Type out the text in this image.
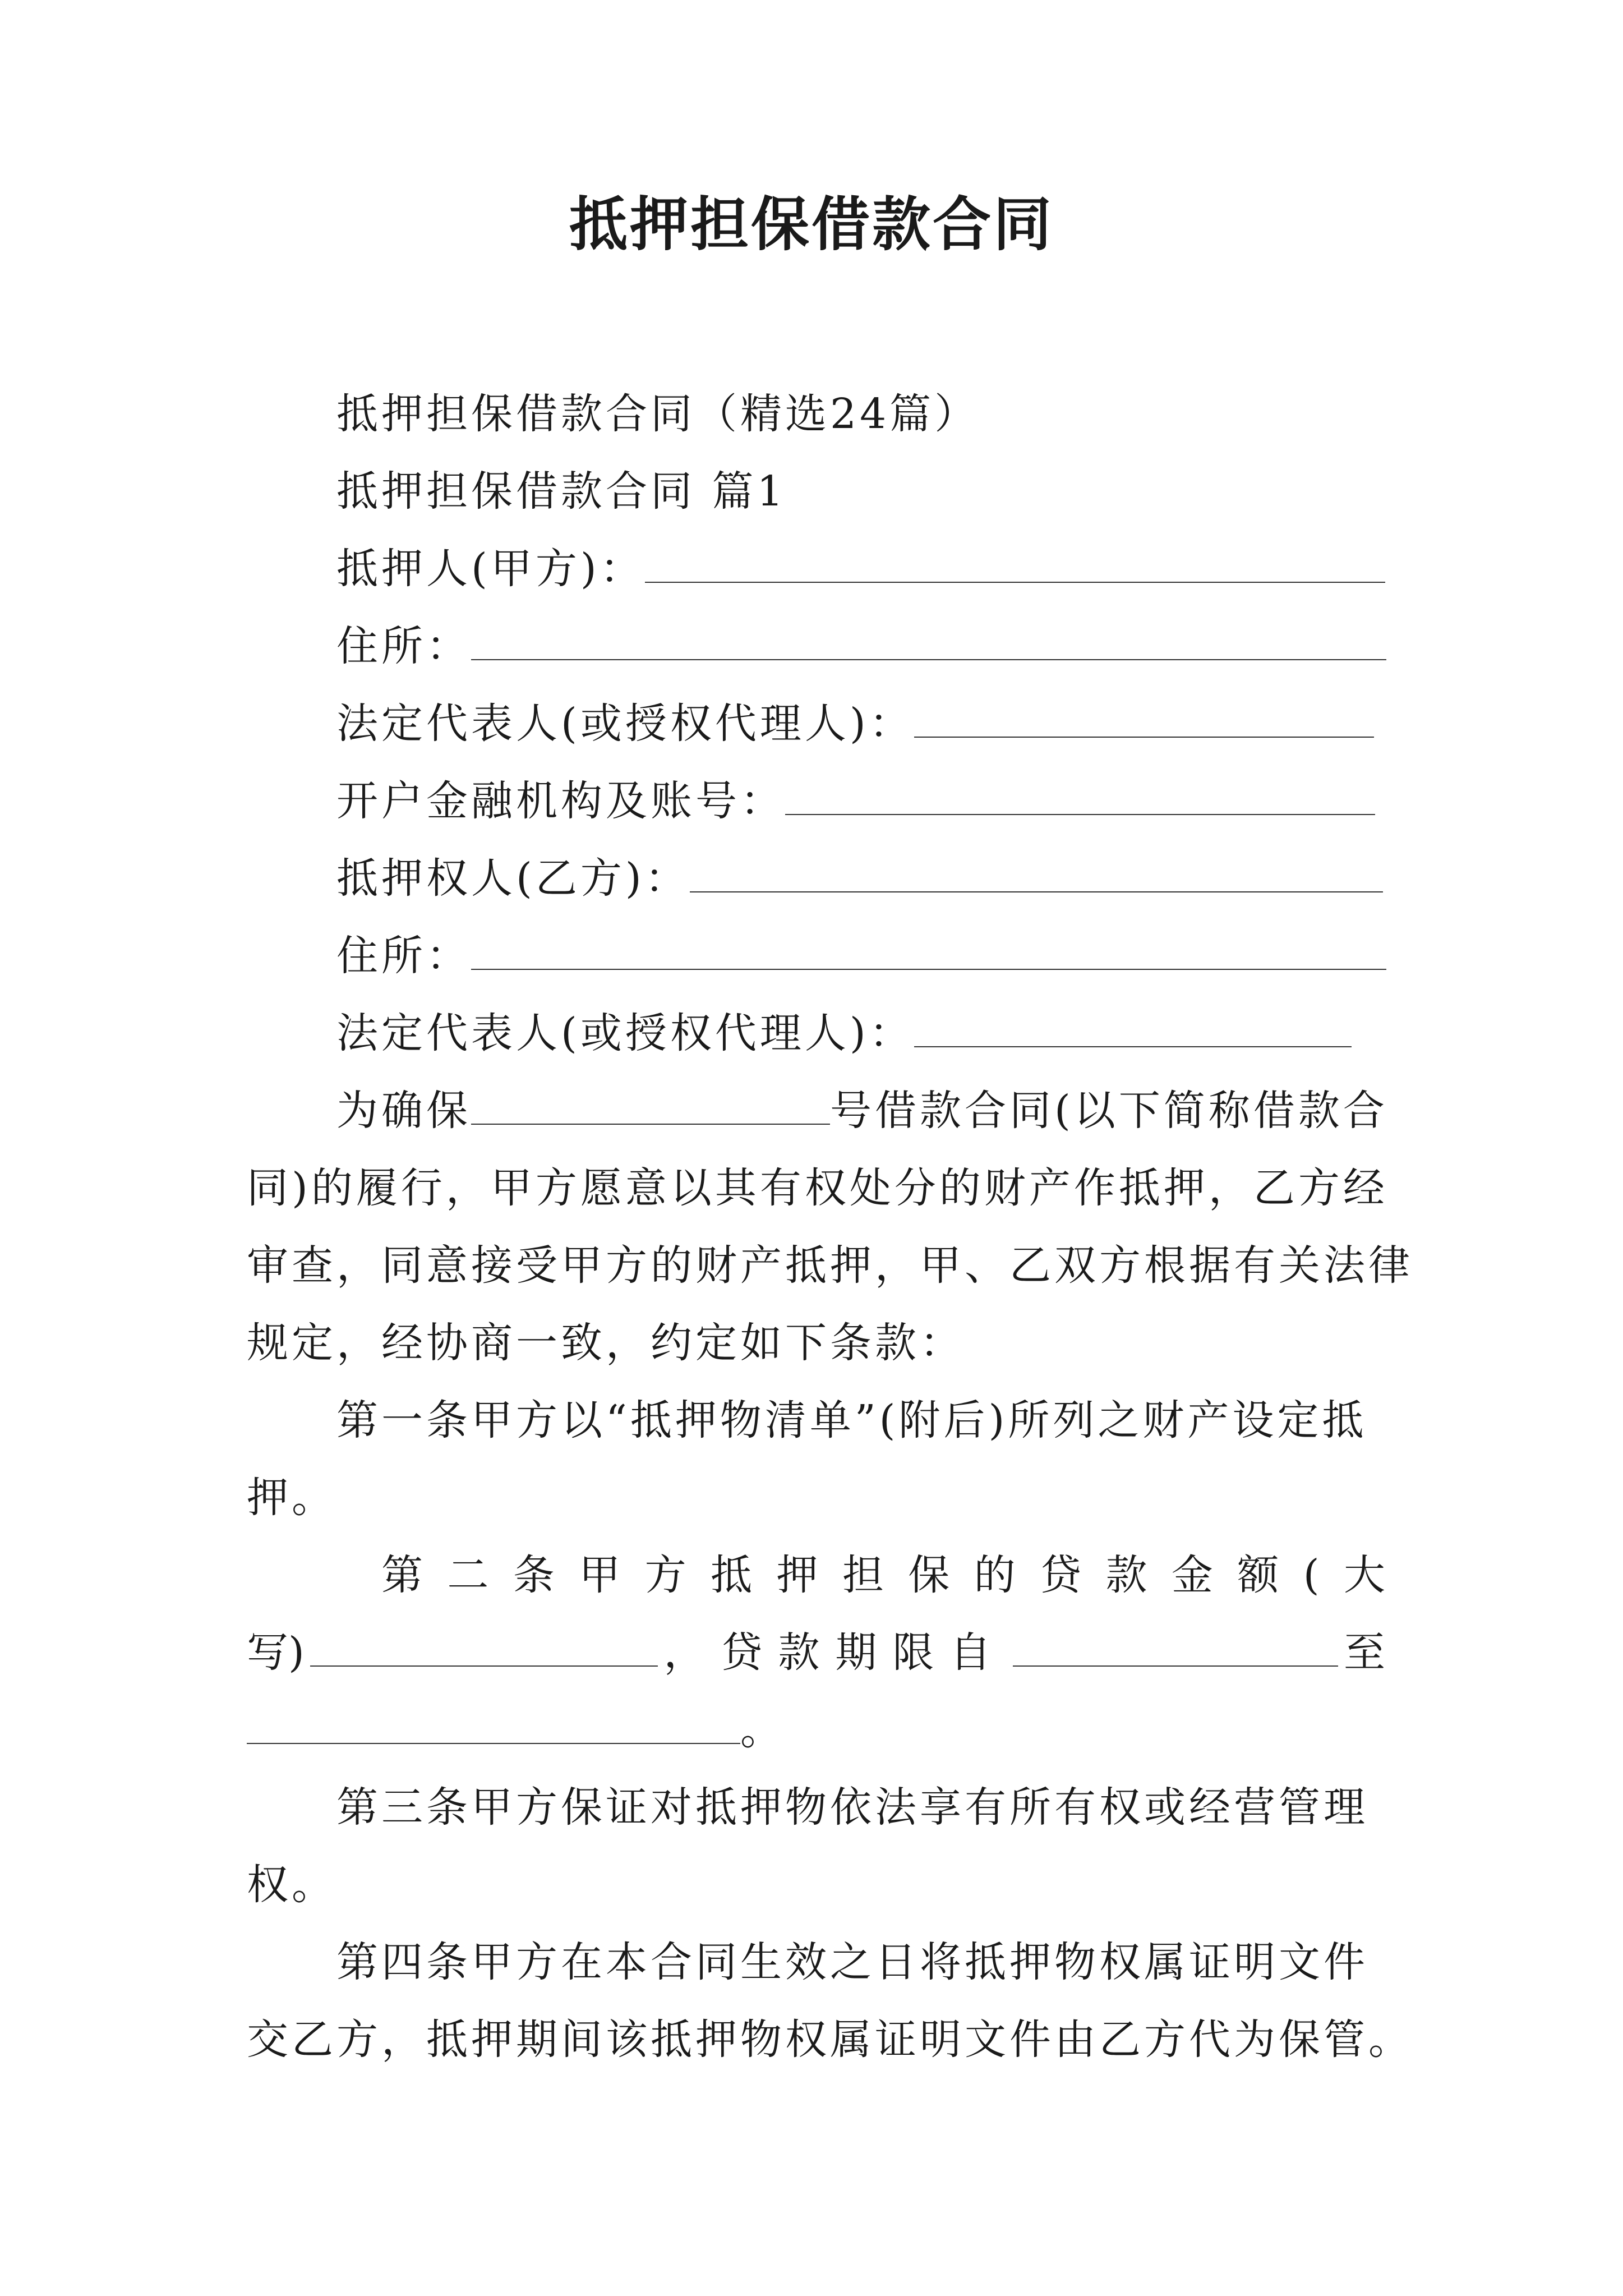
抵押担保借款合同
抵押担保借款合同（精选24篇）
抵押担保借款合同 篇1
抵押人(甲方)：
住所：
法定代表人(或授权代理人)：
开户金融机构及账号：
抵押权人(乙方)：
住所：
法定代表人(或授权代理人)：
为确保	号借款合同(以下简称借款合
同)的履行，甲方愿意以其有权处分的财产作抵押，乙方经
审查，同意接受甲方的财产抵押，甲、乙双方根据有关法律
规定，经协商一致，约定如下条款：
第一条甲方以“抵押物清单”(附后)所列之财产设定抵
押。
第 二 条 甲 方 抵 押 担 保 的 贷 款 金 额 ( 大
写)	，贷款期限自	至
。
第三条甲方保证对抵押物依法享有所有权或经营管理
权。
第四条甲方在本合同生效之日将抵押物权属证明文件
交乙方，抵押期间该抵押物权属证明文件由乙方代为保管。
